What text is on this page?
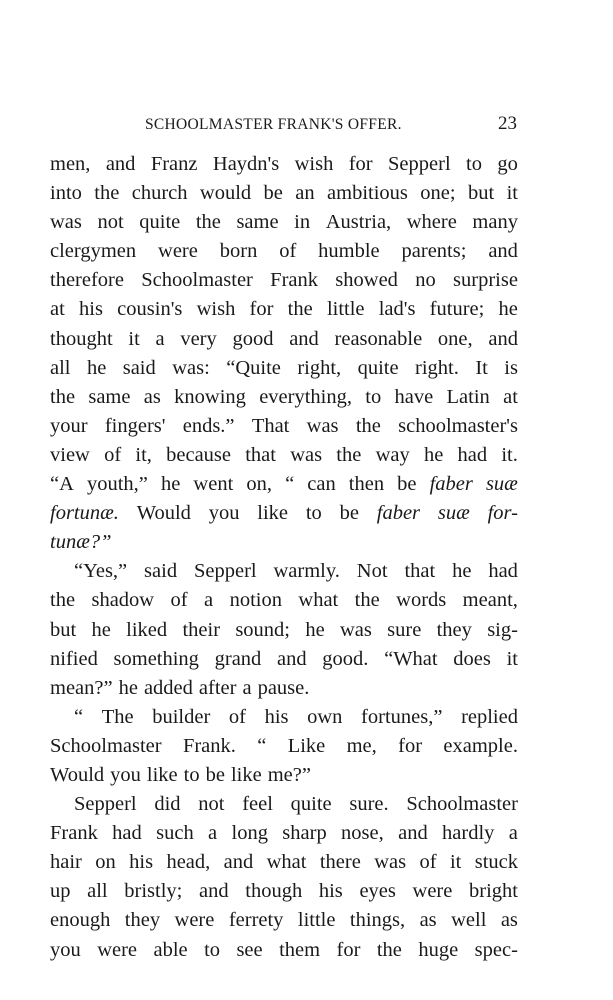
SCHOOLMASTER FRANK'S OFFER.	23
men, and Franz Haydn's wish for Sepperl to go
into the church would be an ambitious one; but it
was not quite the same in Austria, where many
clergymen were born of humble parents; and
therefore Schoolmaster Frank showed no surprise
at his cousin's wish for the little lad's future; he
thought it a very good and reasonable one, and
all he said was: “Quite right, quite right. It is
the same as knowing everything, to have Latin at
your fingers' ends.” That was the schoolmaster's
view of it, because that was the way he had it.
“A youth,” he went on, “ can then be faber suæ
fortunæ. Would you like to be faber suæ for-
tunæ?”
“Yes,” said Sepperl warmly. Not that he had
the shadow of a notion what the words meant,
but he liked their sound; he was sure they sig-
nified something grand and good. “What does it
mean?” he added after a pause.
“ The builder of his own fortunes,” replied
Schoolmaster Frank. “ Like me, for example.
Would you like to be like me?”
Sepperl did not feel quite sure. Schoolmaster
Frank had such a long sharp nose, and hardly a
hair on his head, and what there was of it stuck
up all bristly; and though his eyes were bright
enough they were ferrety little things, as well as
you were able to see them for the huge spec-
